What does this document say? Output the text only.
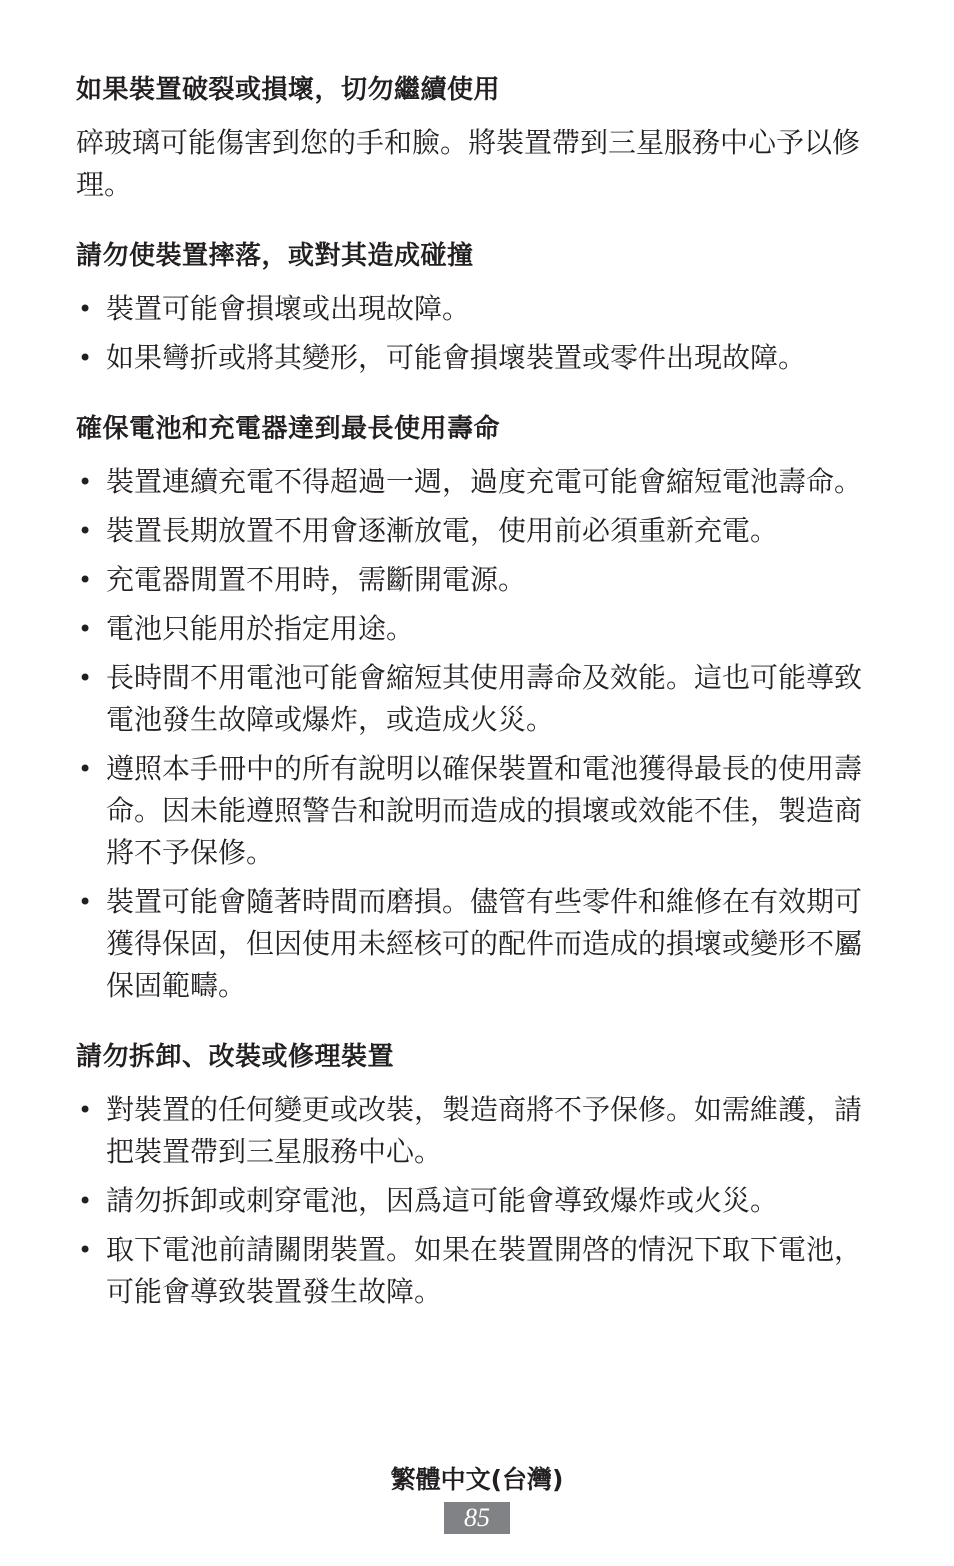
如果裝置破裂或損壞，切勿繼續使用
碎玻璃可能傷害到您的手和臉。將裝置帶到三星服務中心予以修理。
請勿使裝置摔落，或對其造成碰撞
• 裝置可能會損壞或出現故障。
• 如果彎折或將其變形，可能會損壞裝置或零件出現故障。
確保電池和充電器達到最長使用壽命
• 裝置連續充電不得超過一週，過度充電可能會縮短電池壽命。
• 裝置長期放置不用會逐漸放電，使用前必須重新充電。
• 充電器閒置不用時，需斷開電源。
• 電池只能用於指定用途。
• 長時間不用電池可能會縮短其使用壽命及效能。這也可能導致電池發生故障或爆炸，或造成火災。
• 遵照本手冊中的所有說明以確保裝置和電池獲得最長的使用壽命。因未能遵照警告和說明而造成的損壞或效能不佳，製造商將不予保修。
• 裝置可能會隨著時間而磨損。儘管有些零件和維修在有效期可獲得保固，但因使用未經核可的配件而造成的損壞或變形不屬保固範疇。
請勿拆卸、改裝或修理裝置
• 對裝置的任何變更或改裝，製造商將不予保修。如需維護，請把裝置帶到三星服務中心。
• 請勿拆卸或刺穿電池，因爲這可能會導致爆炸或火災。
• 取下電池前請關閉裝置。如果在裝置開啓的情況下取下電池，可能會導致裝置發生故障。
繁體中文(台灣)
85
